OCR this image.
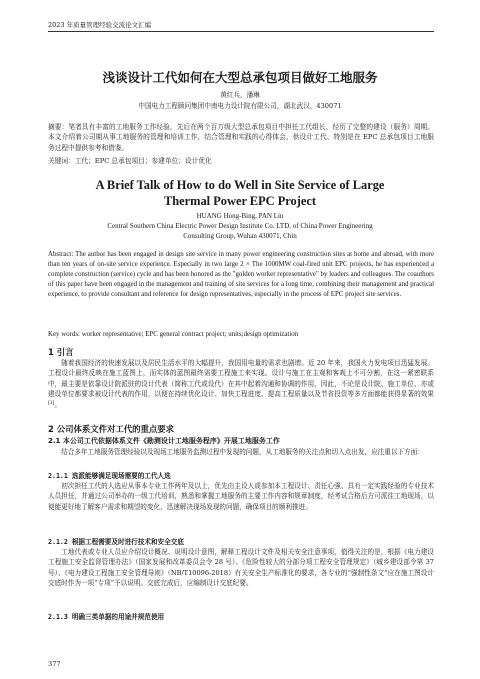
2023 年质量管理经验交流论文汇编
浅谈设计工代如何在大型总承包项目做好工地服务
黄红兵，潘琳
中国电力工程顾问集团中南电力设计院有限公司，湖北武汉，430071

摘要：笔者具有丰富的工地服务工作经验，先后在两个百万级大型总承包项目中担任工代组长，经历了完整的建设（服务）周期。本文介绍着公司期从事工地服务的管理和培训工作，结合管理和实践的心得体会，供设计工代、特别是在 EPC 总承包项目工地服务过程中提供参考和借鉴。

关键词：工代；EPC 总承包项目；参建单位；设计优化

A Brief Talk of How to do Well in Site Service of Large
Thermal Power EPC Project
HUANG Hong-Bing, PAN Lin
Central Southern China Electric Power Design Institute Co. LTD. of China Power Engineering
Consulting Group, Wuhan 430071, Chin

Abstract: The author has been engaged in design site service in many power engineering construction sites at home and abroad, with more than ten years of on-site service experience. Especially in two large 2 × The 1000MW coal-fired unit EPC projects, he has experienced a complete construction (service) cycle and has been honored as the "golden worker representative" by leaders and colleagues. The coauthors of this paper have been engaged in the management and training of site services for a long time, combining their management and practical experience, to provide consultant and reference for design representatives, especially in the process of EPC project site services.

Key words: worker representative; EPC general contract project; units;design optimization

1 引言

随着我国经济的快速发展以及居民生活水平的大幅提升，我国用电量的需求也剧增。近 20 年来，我国火力发电项目迅猛发展。工程设计最终反映在施工蓝图上，而实体的蓝图最终需要工程施工来实现。设计与施工在主观和客观上不可分割，在这一紧密联系中，最主要是依靠设计院派驻的设计代表（简称工代或设代）在其中起着沟通和协调的作用，因此，不论是设计院、施工单位、亦或建设单位都要求被设计代表的作用，以便在持续优化设计、加快工程进度、提高工程质量以及节省投资等多方面都能获得显著的效果[1]。

2 公司体系文件对工代的重点要求
2.1 本公司工代依据体系文件《勘测设计工地服务程序》开展工地服务工作

结合多年工地服务管理经验以及现场工地服务监测过程中发现的问题，从工地服务的关注点和切入点出发，应注重以下方面：

2.1.1 选派能够满足现场需要的工代人选

初次担任工代的人选应从事本专业工作两年及以上，优先由主设人或参加本工程设计、责任心强、具有一定实践经验的专业技术人员担任，并通过公司举办的一级工代培训，熟悉和掌握工地服务的主要工作内容和规章制度，经考试合格后方可派往工地现场，以便能更好地了解客户需求和期望的变化，迅速解决现场发现的问题，确保项目的顺利推进。

2.1.2 根据工程需要及时进行技术和安全交底

工地代表或专业人员应介绍设计概况、说明设计意图，解释工程设计文件及相关安全注意事项，值得关注的是，根据《电力建设工程施工安全监督管理办法》（国家发展和改革委员会令 28 号）、《危险性较大的分部分项工程安全管理规定》（城乡建设部令第 37 号）、《电力建设工程施工安全管理导则》（NB/T10096-2018）有关安全生产标准化的要求，各专业的“强制性条文”应在施工图设计交底时作为一项“专项”予以说明。交底完成后，应编制设计交底纪要。

2.1.3 明确三类单据的用途并规范使用
377
